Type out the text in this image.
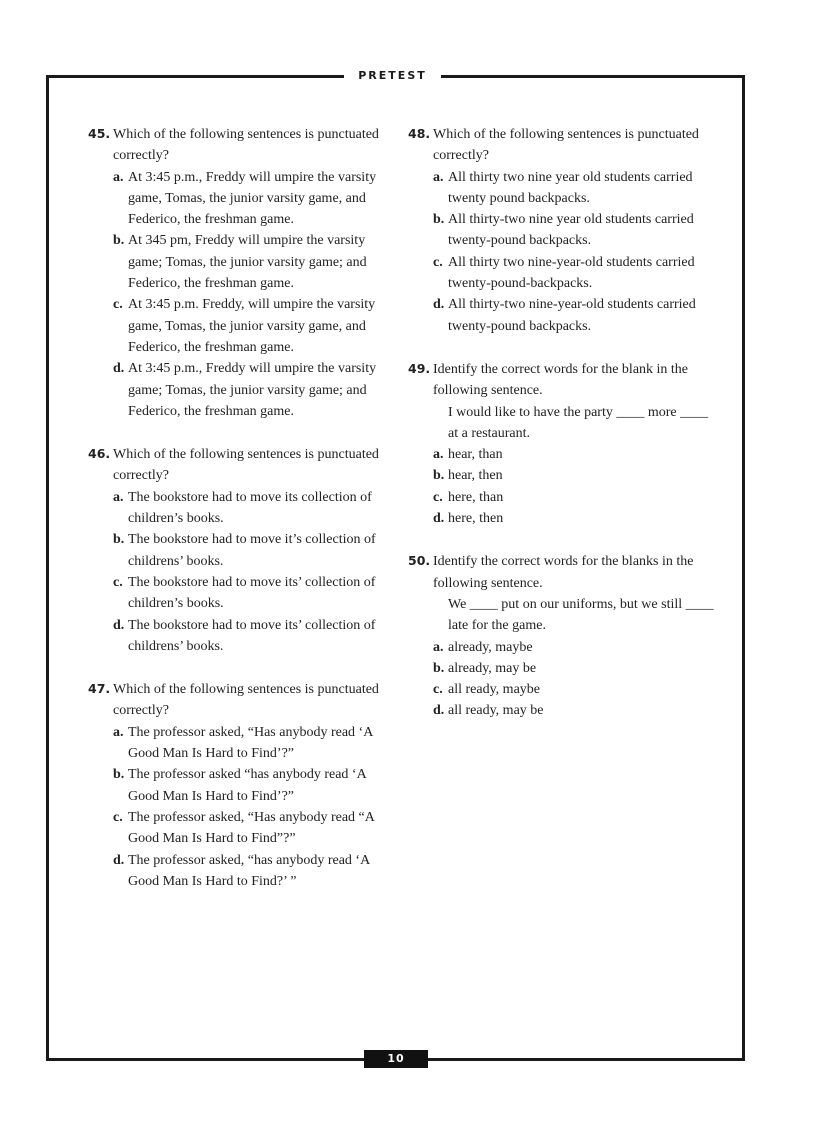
PRETEST
10
45. Which of the following sentences is punctuated correctly?
a. At 3:45 p.m., Freddy will umpire the varsity game, Tomas, the junior varsity game, and Federico, the freshman game.
b. At 345 pm, Freddy will umpire the varsity game; Tomas, the junior varsity game; and Federico, the freshman game.
c. At 3:45 p.m. Freddy, will umpire the varsity game, Tomas, the junior varsity game, and Federico, the freshman game.
d. At 3:45 p.m., Freddy will umpire the varsity game; Tomas, the junior varsity game; and Federico, the freshman game.
46. Which of the following sentences is punctuated correctly?
a. The bookstore had to move its collection of children’s books.
b. The bookstore had to move it’s collection of childrens’ books.
c. The bookstore had to move its’ collection of children’s books.
d. The bookstore had to move its’ collection of childrens’ books.
47. Which of the following sentences is punctuated correctly?
a. The professor asked, “Has anybody read ‘A Good Man Is Hard to Find’?”
b. The professor asked “has anybody read ‘A Good Man Is Hard to Find’?”
c. The professor asked, “Has anybody read “A Good Man Is Hard to Find”?”
d. The professor asked, “has anybody read ‘A Good Man Is Hard to Find?’ ”
48. Which of the following sentences is punctuated correctly?
a. All thirty two nine year old students carried twenty pound backpacks.
b. All thirty-two nine year old students carried twenty-pound backpacks.
c. All thirty two nine-year-old students carried twenty-pound-backpacks.
d. All thirty-two nine-year-old students carried twenty-pound backpacks.
49. Identify the correct words for the blank in the following sentence.
I would like to have the party ____ more ____ at a restaurant.
a. hear, than
b. hear, then
c. here, than
d. here, then
50. Identify the correct words for the blanks in the following sentence.
We ____ put on our uniforms, but we still ____ late for the game.
a. already, maybe
b. already, may be
c. all ready, maybe
d. all ready, may be
